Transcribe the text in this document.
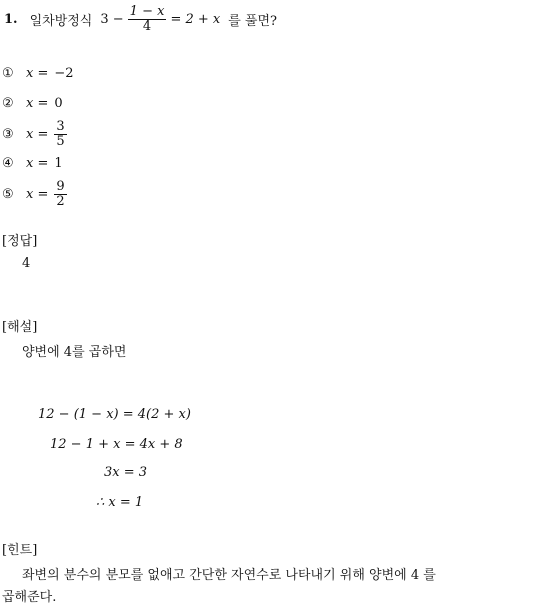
1. 일차방정식 $3 - \frac{1 - x}{4} = 2 + x$ 를 풀면?
① x = −2
② x = 0
③ $x = \frac{3}{5}$
④ x = 1
⑤ $x = \frac{9}{2}$
[정답]
4
[해설]
양변에 4를 곱하면
12 − (1 − x) = 4(2 + x)
12 − 1 + x = 4x + 8
3x = 3
∴ x = 1
[힌트]
좌변의 분수의 분모를 없애고 간단한 자연수로 나타내기 위해 양변에 4 를
곱해준다.
